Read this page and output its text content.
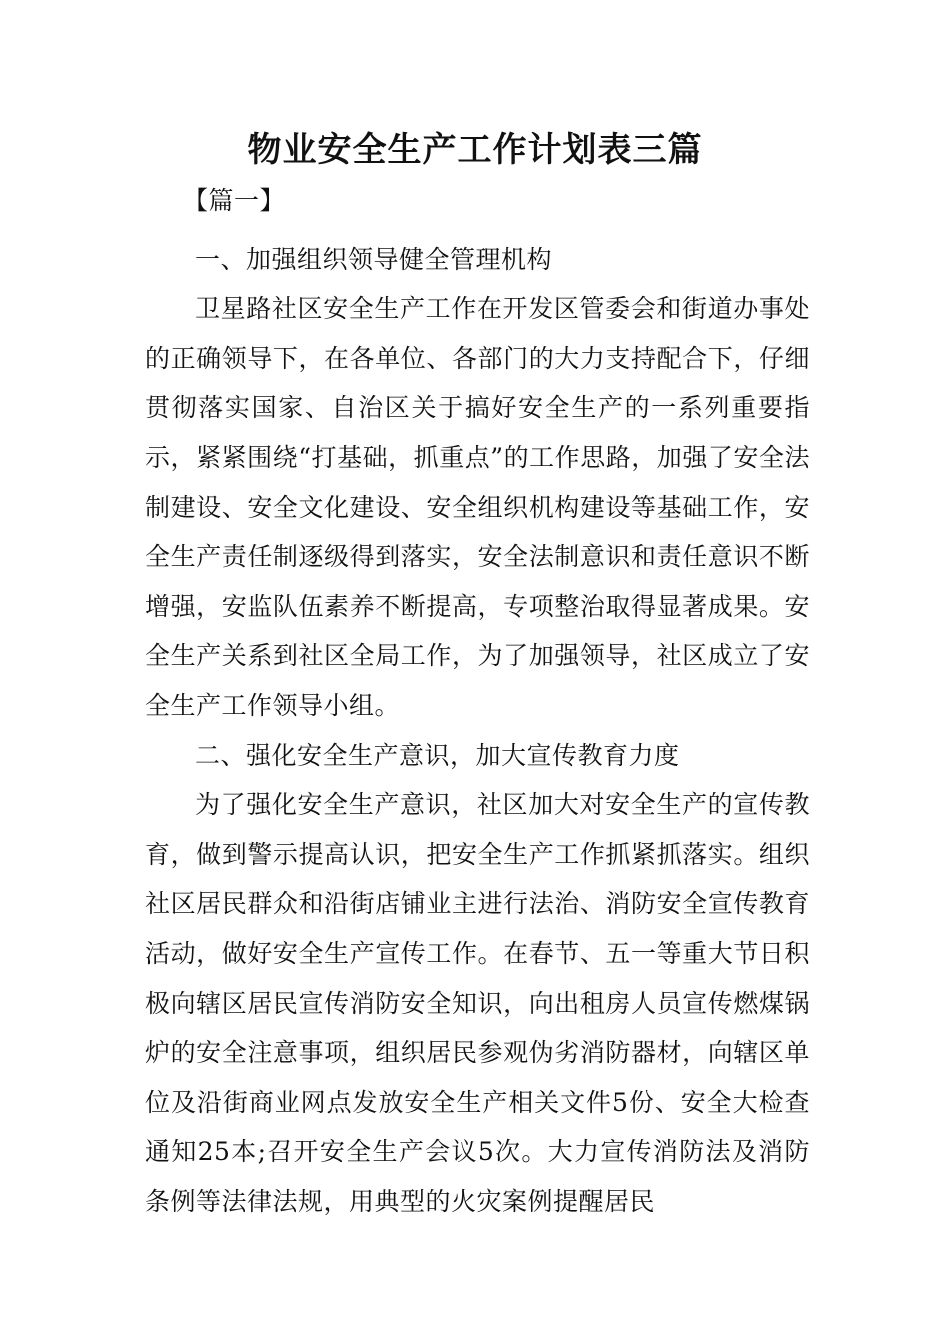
物业安全生产工作计划表三篇

【篇一】

一、加强组织领导健全管理机构

卫星路社区安全生产工作在开发区管委会和街道办事处的正确领导下，在各单位、各部门的大力支持配合下，仔细贯彻落实国家、自治区关于搞好安全生产的一系列重要指示，紧紧围绕“打基础，抓重点”的工作思路，加强了安全法制建设、安全文化建设、安全组织机构建设等基础工作，安全生产责任制逐级得到落实，安全法制意识和责任意识不断增强，安监队伍素养不断提高，专项整治取得显著成果。安全生产关系到社区全局工作，为了加强领导，社区成立了安全生产工作领导小组。

二、强化安全生产意识，加大宣传教育力度

为了强化安全生产意识，社区加大对安全生产的宣传教育，做到警示提高认识，把安全生产工作抓紧抓落实。组织社区居民群众和沿街店铺业主进行法治、消防安全宣传教育活动，做好安全生产宣传工作。在春节、五一等重大节日积极向辖区居民宣传消防安全知识，向出租房人员宣传燃煤锅炉的安全注意事项，组织居民参观伪劣消防器材，向辖区单位及沿街商业网点发放安全生产相关文件5份、安全大检查通知25本;召开安全生产会议5次。大力宣传消防法及消防条例等法律法规，用典型的火灾案例提醒居民
